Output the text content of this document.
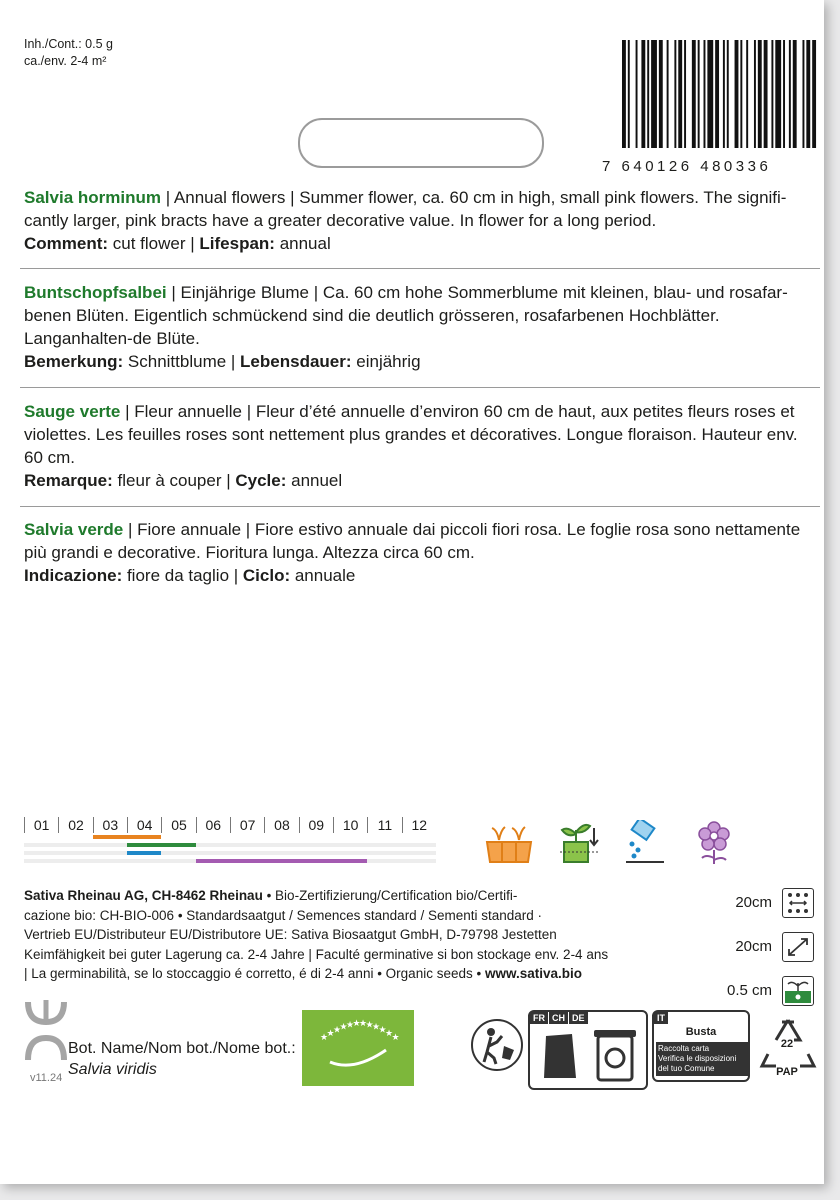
Inh./Cont.: 0.5 g
ca./env. 2-4 m²
7 640126 480336
Salvia horminum | Annual flowers | Summer flower, ca. 60 cm in high, small pink flowers. The signifi-cantly larger, pink bracts have a greater decorative value. In flower for a long period.
Comment: cut flower | Lifespan: annual
Buntschopfsalbei | Einjährige Blume | Ca. 60 cm hohe Sommerblume mit kleinen, blau- und rosafar-benen Blüten. Eigentlich schmückend sind die deutlich grösseren, rosafarbenen Hochblätter. Langanhalten-de Blüte.
Bemerkung: Schnittblume | Lebensdauer: einjährig
Sauge verte | Fleur annuelle | Fleur d’été annuelle d’environ 60 cm de haut, aux petites fleurs roses et violettes. Les feuilles roses sont nettement plus grandes et décoratives. Longue floraison. Hauteur env. 60 cm.
Remarque: fleur à couper | Cycle: annuel
Salvia verde | Fiore annuale | Fiore estivo annuale dai piccoli fiori rosa. Le foglie rosa sono nettamente più grandi e decorative. Fioritura lunga. Altezza circa 60 cm.
Indicazione: fiore da taglio | Ciclo: annuale
01	02	03	04	05	06	07	08	09	10	11	12
Sativa Rheinau AG, CH-8462 Rheinau • Bio-Zertifizierung/Certification bio/Certifi-
cazione bio: CH-BIO-006 • Standardsaatgut / Semences standard / Sementi standard ·
Vertrieb EU/Distributeur EU/Distributore UE: Sativa Biosaatgut GmbH, D-79798 Jestetten
Keimfähigkeit bei guter Lagerung ca. 2-4 Jahre | Faculté germinative si bon stockage env. 2-4 ans
| La germinabilità, se lo stoccaggio é corretto, é di 2-4 anni • Organic seeds • www.sativa.bio
20cm
20cm
0.5 cm
v11.24
Bot. Name/Nom bot./Nome bot.:
Salvia viridis
★
★
★
★
★
★
★
★
★
★
★
★
FR CH DE	IT
Busta
Raccolta carta
Verifica le disposizioni
del tuo Comune
22
PAP
